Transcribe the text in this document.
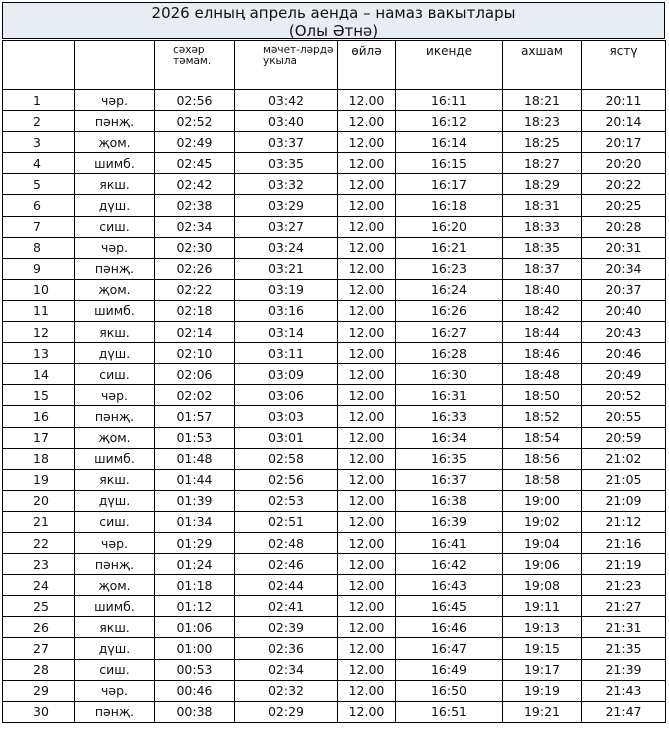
2026 елның апрель аенда – намаз вакытлары
(Олы Әтнә)
		сәхәр тәмам.	мәчет-ләрдә укыла	өйлә	икенде	ахшам	ястү
1	чәр.	02:56	03:42	12.00	16:11	18:21	20:11
2	пәнҗ.	02:52	03:40	12.00	16:12	18:23	20:14
3	җом.	02:49	03:37	12.00	16:14	18:25	20:17
4	шимб.	02:45	03:35	12.00	16:15	18:27	20:20
5	якш.	02:42	03:32	12.00	16:17	18:29	20:22
6	дүш.	02:38	03:29	12.00	16:18	18:31	20:25
7	сиш.	02:34	03:27	12.00	16:20	18:33	20:28
8	чәр.	02:30	03:24	12.00	16:21	18:35	20:31
9	пәнҗ.	02:26	03:21	12.00	16:23	18:37	20:34
10	җом.	02:22	03:19	12.00	16:24	18:40	20:37
11	шимб.	02:18	03:16	12.00	16:26	18:42	20:40
12	якш.	02:14	03:14	12.00	16:27	18:44	20:43
13	дүш.	02:10	03:11	12.00	16:28	18:46	20:46
14	сиш.	02:06	03:09	12.00	16:30	18:48	20:49
15	чәр.	02:02	03:06	12.00	16:31	18:50	20:52
16	пәнҗ.	01:57	03:03	12.00	16:33	18:52	20:55
17	җом.	01:53	03:01	12.00	16:34	18:54	20:59
18	шимб.	01:48	02:58	12.00	16:35	18:56	21:02
19	якш.	01:44	02:56	12.00	16:37	18:58	21:05
20	дүш.	01:39	02:53	12.00	16:38	19:00	21:09
21	сиш.	01:34	02:51	12.00	16:39	19:02	21:12
22	чәр.	01:29	02:48	12.00	16:41	19:04	21:16
23	пәнҗ.	01:24	02:46	12.00	16:42	19:06	21:19
24	җом.	01:18	02:44	12.00	16:43	19:08	21:23
25	шимб.	01:12	02:41	12.00	16:45	19:11	21:27
26	якш.	01:06	02:39	12.00	16:46	19:13	21:31
27	дүш.	01:00	02:36	12.00	16:47	19:15	21:35
28	сиш.	00:53	02:34	12.00	16:49	19:17	21:39
29	чәр.	00:46	02:32	12.00	16:50	19:19	21:43
30	пәнҗ.	00:38	02:29	12.00	16:51	19:21	21:47
